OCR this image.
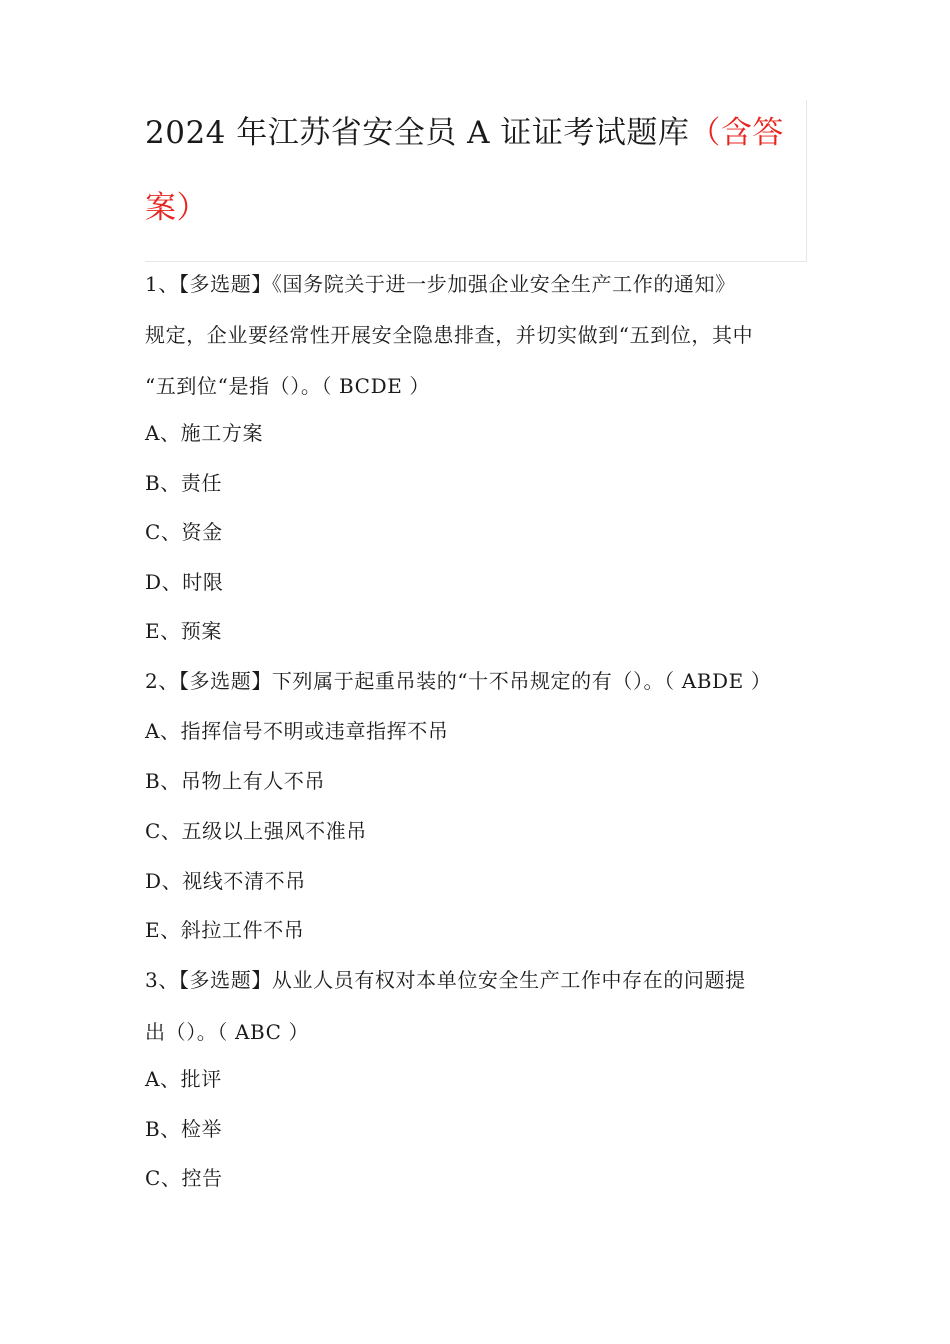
2024 年江苏省安全员 A 证证考试题库（含答
案）
1、【多选题】《国务院关于进一步加强企业安全生产工作的通知》
规定，企业要经常性开展安全隐患排查，并切实做到“五到位，其中
“五到位“是指（）。（ BCDE ）
A、施工方案
B、责任
C、资金
D、时限
E、预案
2、【多选题】下列属于起重吊装的“十不吊规定的有（）。（ ABDE ）
A、指挥信号不明或违章指挥不吊
B、吊物上有人不吊
C、五级以上强风不准吊
D、视线不清不吊
E、斜拉工件不吊
3、【多选题】从业人员有权对本单位安全生产工作中存在的问题提
出（）。（ ABC ）
A、批评
B、检举
C、控告
